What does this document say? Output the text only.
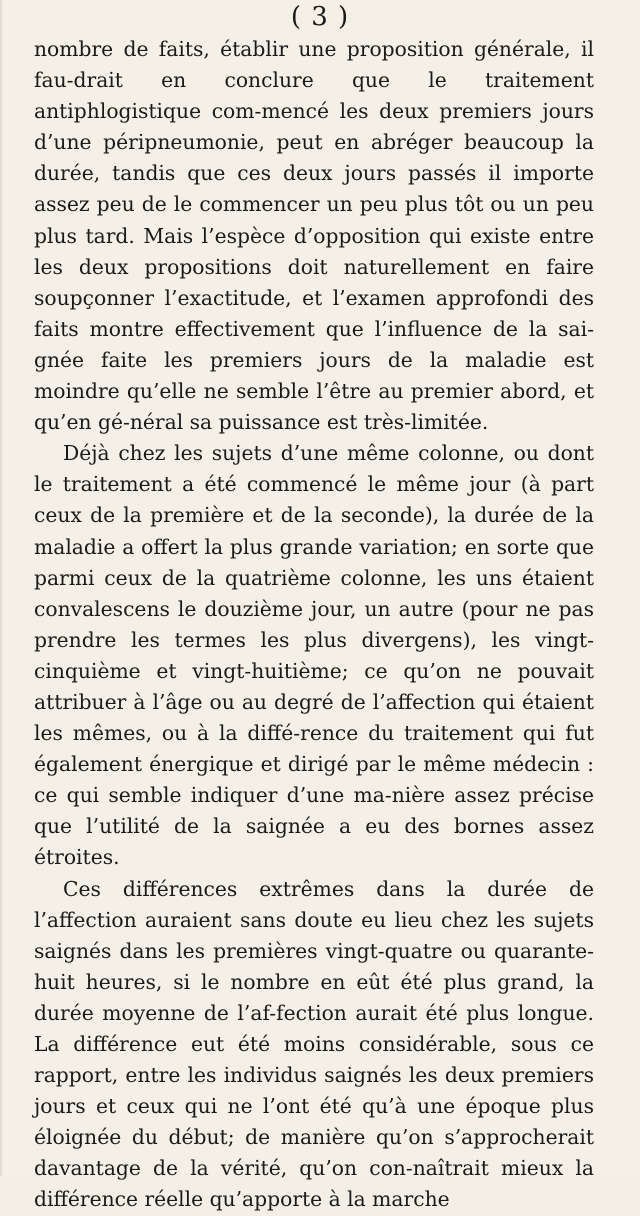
( 3 )

nombre de faits, établir une proposition générale, il fau-drait en conclure que le traitement antiphlogistique com-mencé les deux premiers jours d’une péripneumonie, peut en abréger beaucoup la durée, tandis que ces deux jours passés il importe assez peu de le commencer un peu plus tôt ou un peu plus tard. Mais l’espèce d’opposition qui existe entre les deux propositions doit naturellement en faire soupçonner l’exactitude, et l’examen approfondi des faits montre effectivement que l’influence de la sai-gnée faite les premiers jours de la maladie est moindre qu’elle ne semble l’être au premier abord, et qu’en gé-néral sa puissance est très-limitée.

Déjà chez les sujets d’une même colonne, ou dont le traitement a été commencé le même jour (à part ceux de la première et de la seconde), la durée de la maladie a offert la plus grande variation; en sorte que parmi ceux de la quatrième colonne, les uns étaient convalescens le douzième jour, un autre (pour ne pas prendre les termes les plus divergens), les vingt-cinquième et vingt-huitième; ce qu’on ne pouvait attribuer à l’âge ou au degré de l’affection qui étaient les mêmes, ou à la diffé-rence du traitement qui fut également énergique et dirigé par le même médecin : ce qui semble indiquer d’une ma-nière assez précise que l’utilité de la saignée a eu des bornes assez étroites.

Ces différences extrêmes dans la durée de l’affection auraient sans doute eu lieu chez les sujets saignés dans les premières vingt-quatre ou quarante-huit heures, si le nombre en eût été plus grand, la durée moyenne de l’af-fection aurait été plus longue. La différence eut été moins considérable, sous ce rapport, entre les individus saignés les deux premiers jours et ceux qui ne l’ont été qu’à une époque plus éloignée du début; de manière qu’on s’approcherait davantage de la vérité, qu’on con-naîtrait mieux la différence réelle qu’apporte à la marche
